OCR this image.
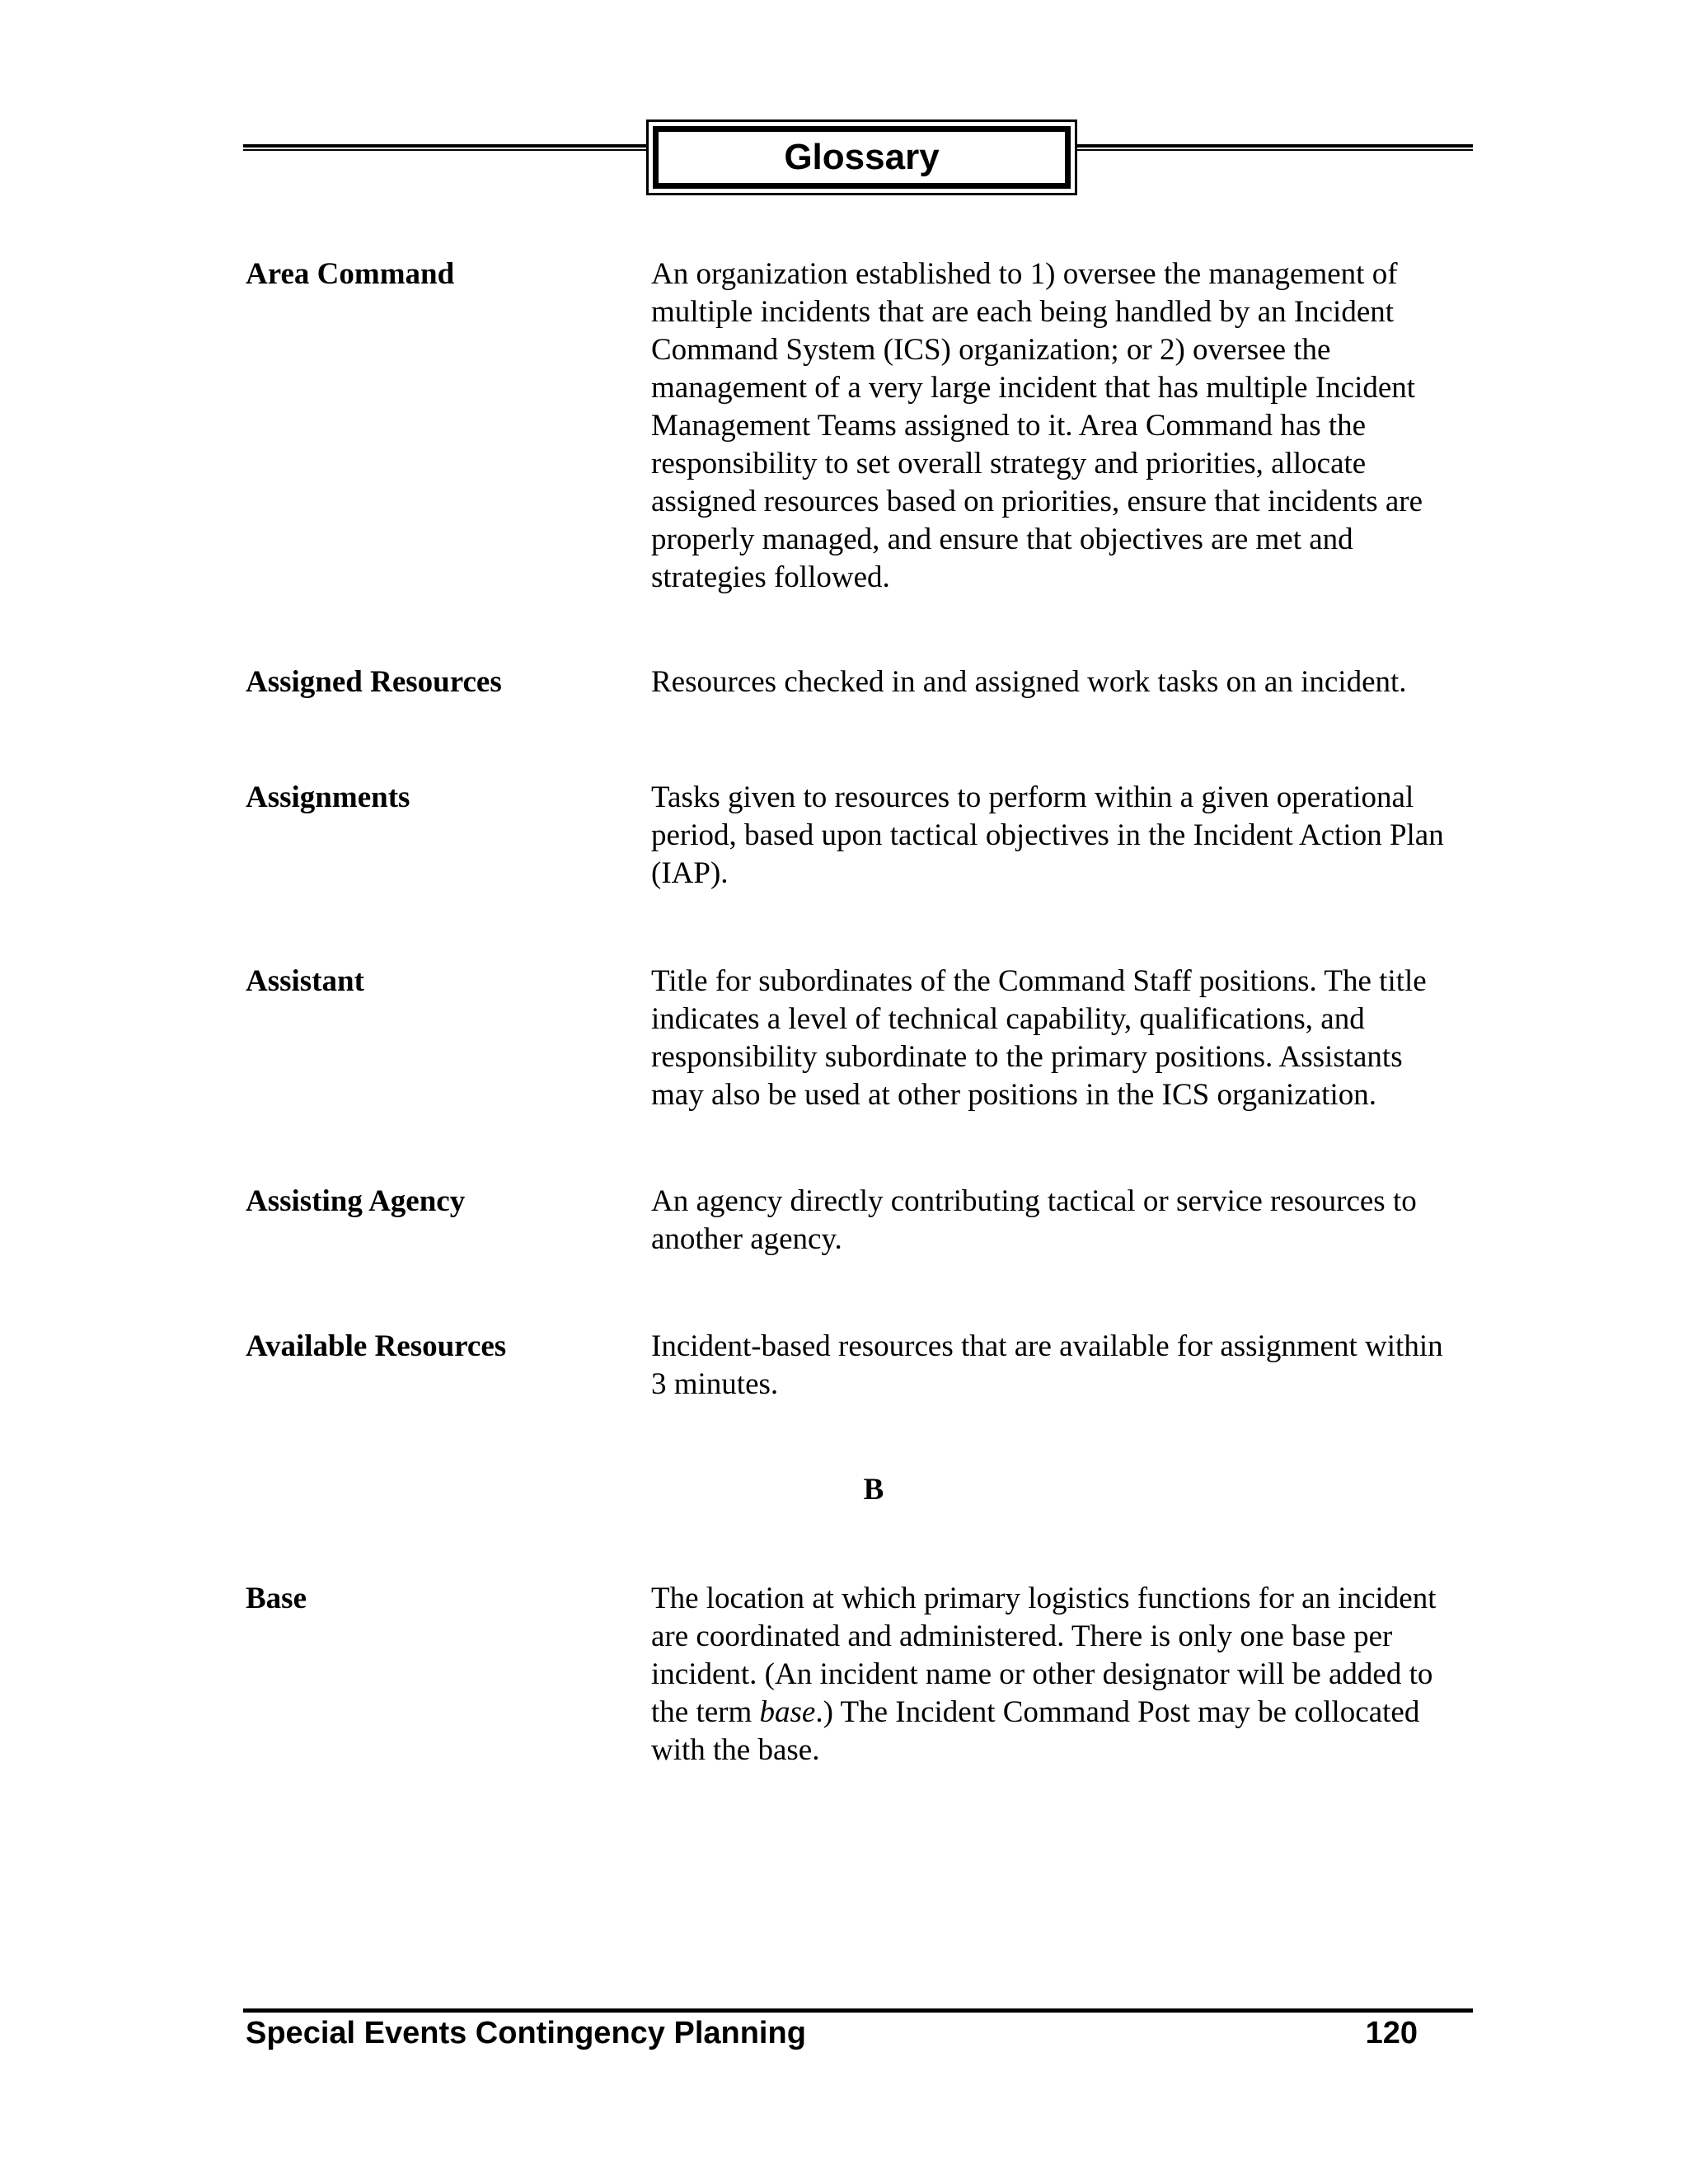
Glossary
Area Command	An organization established to 1) oversee the management of
multiple incidents that are each being handled by an Incident
Command System (ICS) organization; or 2) oversee the
management of a very large incident that has multiple Incident
Management Teams assigned to it. Area Command has the
responsibility to set overall strategy and priorities, allocate
assigned resources based on priorities, ensure that incidents are
properly managed, and ensure that objectives are met and
strategies followed.
Assigned Resources	Resources checked in and assigned work tasks on an incident.
Assignments	Tasks given to resources to perform within a given operational
period, based upon tactical objectives in the Incident Action Plan
(IAP).
Assistant	Title for subordinates of the Command Staff positions. The title
indicates a level of technical capability, qualifications, and
responsibility subordinate to the primary positions. Assistants
may also be used at other positions in the ICS organization.
Assisting Agency	An agency directly contributing tactical or service resources to
another agency.
Available Resources	Incident-based resources that are available for assignment within
3 minutes.
B
Base	The location at which primary logistics functions for an incident
are coordinated and administered. There is only one base per
incident. (An incident name or other designator will be added to
the term base.) The Incident Command Post may be collocated
with the base.
Special Events Contingency Planning	120
